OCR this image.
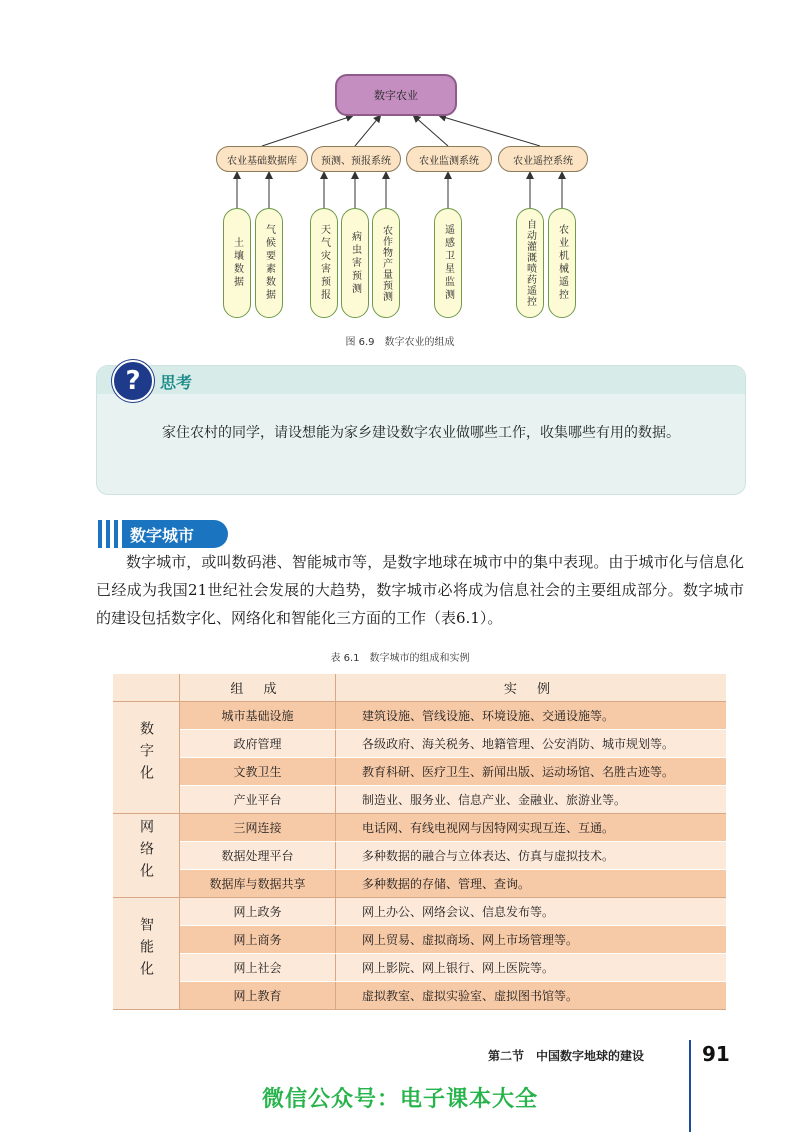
数字农业
农业基础数据库	预测、预报系统	农业监测系统	农业遥控系统
土壤数据 气候要素数据	天气灾害预报 病虫害预测 农作物产量预测	遥感卫星监测	自动灌溉喷药遥控 农业机械遥控
图 6.9　数字农业的组成
?	思考
家住农村的同学，请设想能为家乡建设数字农业做哪些工作，收集哪些有用的数据。
数字城市
数字城市，或叫数码港、智能城市等，是数字地球在城市中的集中表现。由于城市化与信息化已经成为我国21世纪社会发展的大趋势，数字城市必将成为信息社会的主要组成部分。数字城市的建设包括数字化、网络化和智能化三方面的工作（表6.1）。
表 6.1　数字城市的组成和实例
	组 成	实 例
数字化	城市基础设施	建筑设施、管线设施、环境设施、交通设施等。
	政府管理	各级政府、海关税务、地籍管理、公安消防、城市规划等。
	文教卫生	教育科研、医疗卫生、新闻出版、运动场馆、名胜古迹等。
	产业平台	制造业、服务业、信息产业、金融业、旅游业等。
网络化	三网连接	电话网、有线电视网与因特网实现互连、互通。
	数据处理平台	多种数据的融合与立体表达、仿真与虚拟技术。
	数据库与数据共享	多种数据的存储、管理、查询。
智能化	网上政务	网上办公、网络会议、信息发布等。
	网上商务	网上贸易、虚拟商场、网上市场管理等。
	网上社会	网上影院、网上银行、网上医院等。
	网上教育	虚拟教室、虚拟实验室、虚拟图书馆等。
第二节　中国数字地球的建设	91
微信公众号：电子课本大全
